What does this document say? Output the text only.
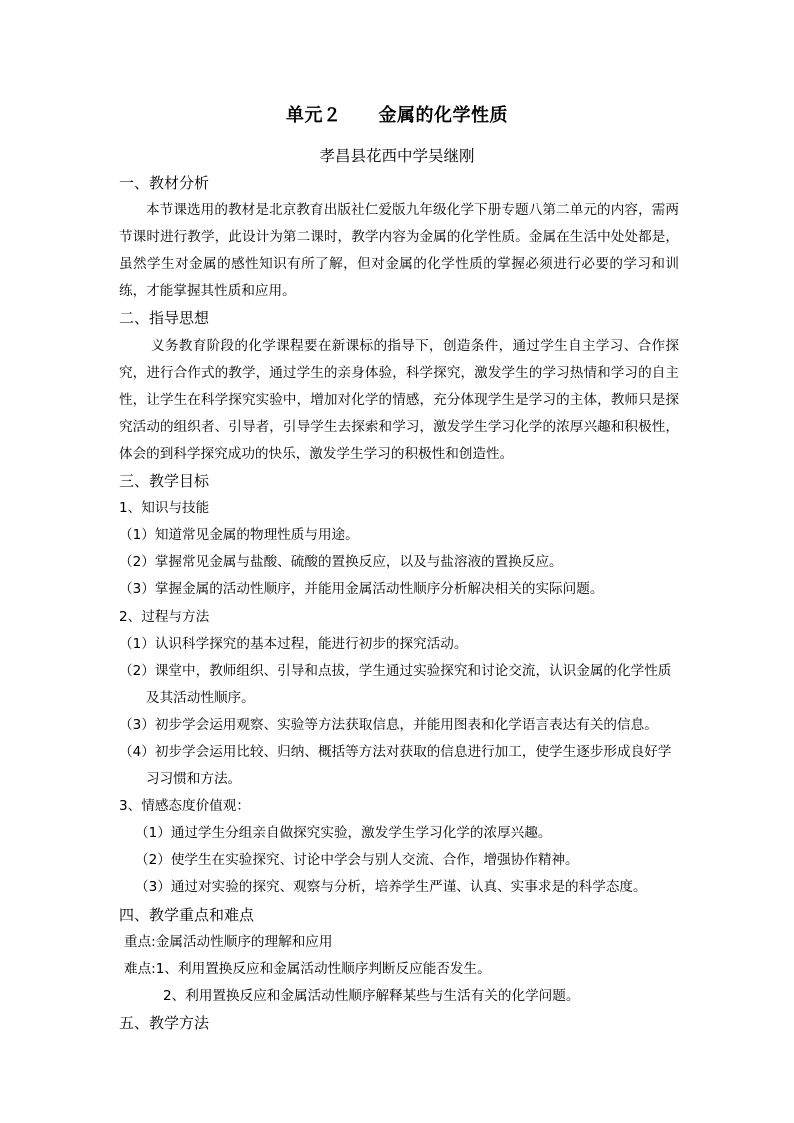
单元２　　金属的化学性质
孝昌县花西中学吴继刚

一、教材分析

本节课选用的教材是北京教育出版社仁爱版九年级化学下册专题八第二单元的内容，需两节课时进行教学，此设计为第二课时，教学内容为金属的化学性质。金属在生活中处处都是，虽然学生对金属的感性知识有所了解，但对金属的化学性质的掌握必须进行必要的学习和训练，才能掌握其性质和应用。

二、指导思想

义务教育阶段的化学课程要在新课标的指导下，创造条件，通过学生自主学习、合作探究，进行合作式的教学，通过学生的亲身体验，科学探究，激发学生的学习热情和学习的自主性，让学生在科学探究实验中，增加对化学的情感，充分体现学生是学习的主体，教师只是探究活动的组织者、引导者，引导学生去探索和学习，激发学生学习化学的浓厚兴趣和积极性，体会的到科学探究成功的快乐，激发学生学习的积极性和创造性。

三、教学目标

1、知识与技能

（1）知道常见金属的物理性质与用途。

（2）掌握常见金属与盐酸、硫酸的置换反应，以及与盐溶液的置换反应。

（3）掌握金属的活动性顺序，并能用金属活动性顺序分析解决相关的实际问题。

2、过程与方法

（1）认识科学探究的基本过程，能进行初步的探究活动。

（2）课堂中，教师组织、引导和点拔，学生通过实验探究和讨论交流，认识金属的化学性质及其活动性顺序。

（3）初步学会运用观察、实验等方法获取信息，并能用图表和化学语言表达有关的信息。

（4）初步学会运用比较、归纳、概括等方法对获取的信息进行加工，使学生逐步形成良好学习习惯和方法。

3、情感态度价值观：

（1）通过学生分组亲自做探究实验，激发学生学习化学的浓厚兴趣。

（2）使学生在实验探究、讨论中学会与别人交流、合作，增强协作精神。

（3）通过对实验的探究、观察与分析，培养学生严谨、认真、实事求是的科学态度。

四、教学重点和难点

重点:金属活动性顺序的理解和应用

难点:1、利用置换反应和金属活动性顺序判断反应能否发生。

2、利用置换反应和金属活动性顺序解释某些与生活有关的化学问题。

五、教学方法
